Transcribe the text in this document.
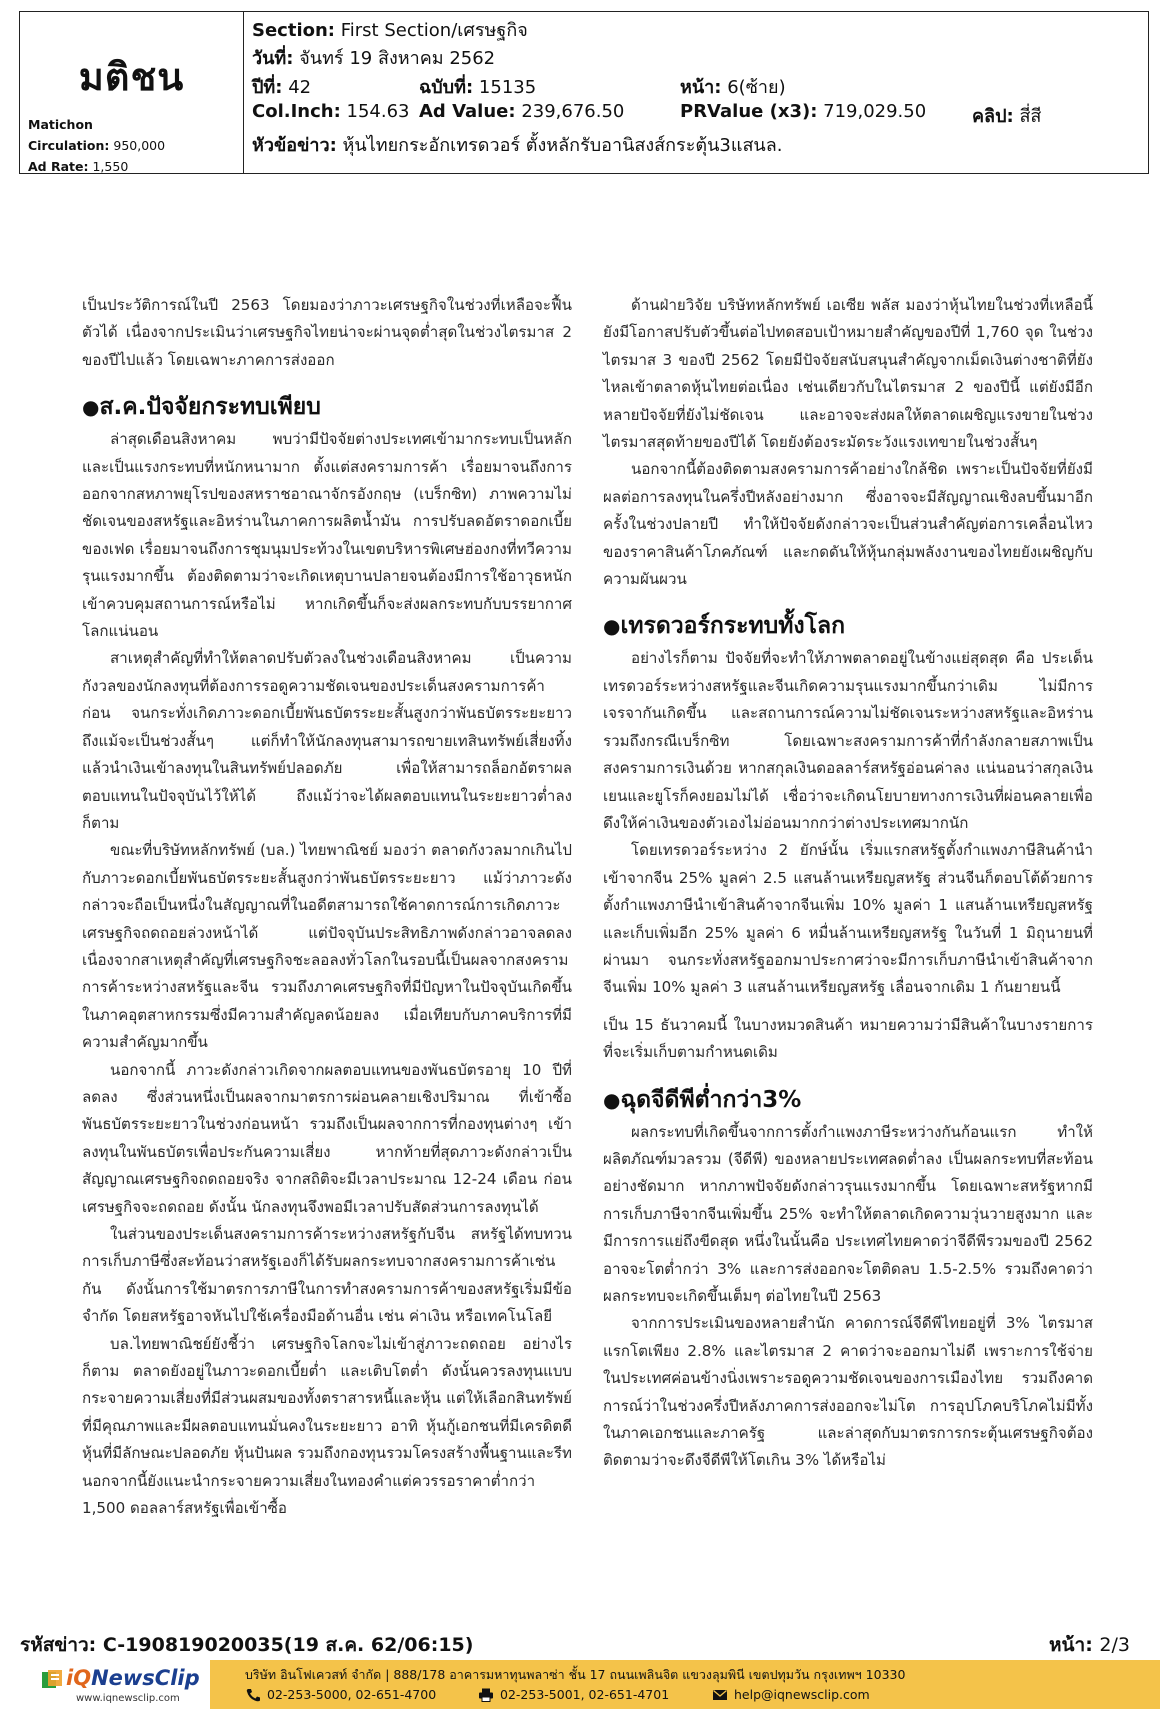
มติชน
Matichon
Circulation: 950,000
Ad Rate: 1,550
Section: First Section/เศรษฐกิจ
วันที่: จันทร์ 19 สิงหาคม 2562
ปีที่: 42	ฉบับที่: 15135	หน้า: 6(ซ้าย)
Col.Inch: 154.63 Ad Value: 239,676.50	PRValue (x3): 719,029.50	คลิป: สี่สี
หัวข้อข่าว: หุ้นไทยกระอักเทรดวอร์ ตั้งหลักรับอานิสงส์กระตุ้น3แสนล.

เป็นประวัติการณ์ในปี 2563 โดยมองว่าภาวะเศรษฐกิจในช่วงที่เหลือจะฟื้นตัวได้ เนื่องจากประเมินว่าเศรษฐกิจไทยน่าจะผ่านจุดต่ำสุดในช่วงไตรมาส 2 ของปีไปแล้ว โดยเฉพาะภาคการส่งออก

●ส.ค.ปัจจัยกระทบเพียบ

ล่าสุดเดือนสิงหาคม พบว่ามีปัจจัยต่างประเทศเข้ามากระทบเป็นหลัก และเป็นแรงกระทบที่หนักหนามาก ตั้งแต่สงครามการค้า เรื่อยมาจนถึงการออกจากสหภาพยุโรปของสหราชอาณาจักรอังกฤษ (เบร็กซิท) ภาพความไม่ชัดเจนของสหรัฐและอิหร่านในภาคการผลิตน้ำมัน การปรับลดอัตราดอกเบี้ยของเฟด เรื่อยมาจนถึงการชุมนุมประท้วงในเขตบริหารพิเศษฮ่องกงที่ทวีความรุนแรงมากขึ้น ต้องติดตามว่าจะเกิดเหตุบานปลายจนต้องมีการใช้อาวุธหนักเข้าควบคุมสถานการณ์หรือไม่ หากเกิดขึ้นก็จะส่งผลกระทบกับบรรยากาศโลกแน่นอน

สาเหตุสำคัญที่ทำให้ตลาดปรับตัวลงในช่วงเดือนสิงหาคม เป็นความกังวลของนักลงทุนที่ต้องการรอดูความชัดเจนของประเด็นสงครามการค้าก่อน จนกระทั่งเกิดภาวะดอกเบี้ยพันธบัตรระยะสั้นสูงกว่าพันธบัตรระยะยาว ถึงแม้จะเป็นช่วงสั้นๆ แต่ก็ทำให้นักลงทุนสามารถขายเทสินทรัพย์เสี่ยงทิ้ง แล้วนำเงินเข้าลงทุนในสินทรัพย์ปลอดภัย เพื่อให้สามารถล็อกอัตราผลตอบแทนในปัจจุบันไว้ให้ได้ ถึงแม้ว่าจะได้ผลตอบแทนในระยะยาวต่ำลงก็ตาม

ขณะที่บริษัทหลักทรัพย์ (บล.) ไทยพาณิชย์ มองว่า ตลาดกังวลมากเกินไปกับภาวะดอกเบี้ยพันธบัตรระยะสั้นสูงกว่าพันธบัตรระยะยาว แม้ว่าภาวะดังกล่าวจะถือเป็นหนึ่งในสัญญาณที่ในอดีตสามารถใช้คาดการณ์การเกิดภาวะเศรษฐกิจถดถอยล่วงหน้าได้ แต่ปัจจุบันประสิทธิภาพดังกล่าวอาจลดลง เนื่องจากสาเหตุสำคัญที่เศรษฐกิจชะลอลงทั่วโลกในรอบนี้เป็นผลจากสงครามการค้าระหว่างสหรัฐและจีน รวมถึงภาคเศรษฐกิจที่มีปัญหาในปัจจุบันเกิดขึ้นในภาคอุตสาหกรรมซึ่งมีความสำคัญลดน้อยลง เมื่อเทียบกับภาคบริการที่มีความสำคัญมากขึ้น

นอกจากนี้ ภาวะดังกล่าวเกิดจากผลตอบแทนของพันธบัตรอายุ 10 ปีที่ลดลง ซึ่งส่วนหนึ่งเป็นผลจากมาตรการผ่อนคลายเชิงปริมาณ ที่เข้าซื้อพันธบัตรระยะยาวในช่วงก่อนหน้า รวมถึงเป็นผลจากการที่กองทุนต่างๆ เข้าลงทุนในพันธบัตรเพื่อประกันความเสี่ยง หากท้ายที่สุดภาวะดังกล่าวเป็นสัญญาณเศรษฐกิจถดถอยจริง จากสถิติจะมีเวลาประมาณ 12-24 เดือน ก่อนเศรษฐกิจจะถดถอย ดังนั้น นักลงทุนจึงพอมีเวลาปรับสัดส่วนการลงทุนได้

ในส่วนของประเด็นสงครามการค้าระหว่างสหรัฐกับจีน สหรัฐได้ทบทวนการเก็บภาษีซึ่งสะท้อนว่าสหรัฐเองก็ได้รับผลกระทบจากสงครามการค้าเช่นกัน ดังนั้นการใช้มาตรการภาษีในการทำสงครามการค้าของสหรัฐเริ่มมีข้อจำกัด โดยสหรัฐอาจหันไปใช้เครื่องมือด้านอื่น เช่น ค่าเงิน หรือเทคโนโลยี

บล.ไทยพาณิชย์ยังชี้ว่า เศรษฐกิจโลกจะไม่เข้าสู่ภาวะถดถอย อย่างไรก็ตาม ตลาดยังอยู่ในภาวะดอกเบี้ยต่ำ และเติบโตต่ำ ดังนั้นควรลงทุนแบบกระจายความเสี่ยงที่มีส่วนผสมของทั้งตราสารหนี้และหุ้น แต่ให้เลือกสินทรัพย์ที่มีคุณภาพและมีผลตอบแทนมั่นคงในระยะยาว อาทิ หุ้นกู้เอกชนที่มีเครดิตดี หุ้นที่มีลักษณะปลอดภัย หุ้นปันผล รวมถึงกองทุนรวมโครงสร้างพื้นฐานและรีท นอกจากนี้ยังแนะนำกระจายความเสี่ยงในทองคำแต่ควรรอราคาต่ำกว่า 1,500 ดอลลาร์สหรัฐเพื่อเข้าซื้อ

ด้านฝ่ายวิจัย บริษัทหลักทรัพย์ เอเซีย พลัส มองว่าหุ้นไทยในช่วงที่เหลือนี้ยังมีโอกาสปรับตัวขึ้นต่อไปทดสอบเป้าหมายสำคัญของปีที่ 1,760 จุด ในช่วงไตรมาส 3 ของปี 2562 โดยมีปัจจัยสนับสนุนสำคัญจากเม็ดเงินต่างชาติที่ยังไหลเข้าตลาดหุ้นไทยต่อเนื่อง เช่นเดียวกับในไตรมาส 2 ของปีนี้ แต่ยังมีอีกหลายปัจจัยที่ยังไม่ชัดเจน และอาจจะส่งผลให้ตลาดเผชิญแรงขายในช่วงไตรมาสสุดท้ายของปีได้ โดยยังต้องระมัดระวังแรงเทขายในช่วงสั้นๆ

นอกจากนี้ต้องติดตามสงครามการค้าอย่างใกล้ชิด เพราะเป็นปัจจัยที่ยังมีผลต่อการลงทุนในครึ่งปีหลังอย่างมาก ซึ่งอาจจะมีสัญญาณเชิงลบขึ้นมาอีกครั้งในช่วงปลายปี ทำให้ปัจจัยดังกล่าวจะเป็นส่วนสำคัญต่อการเคลื่อนไหวของราคาสินค้าโภคภัณฑ์ และกดดันให้หุ้นกลุ่มพลังงานของไทยยังเผชิญกับความผันผวน

●เทรดวอร์กระทบทั้งโลก

อย่างไรก็ตาม ปัจจัยที่จะทำให้ภาพตลาดอยู่ในข้างแย่สุดสุด คือ ประเด็นเทรดวอร์ระหว่างสหรัฐและจีนเกิดความรุนแรงมากขึ้นกว่าเดิม ไม่มีการเจรจากันเกิดขึ้น และสถานการณ์ความไม่ชัดเจนระหว่างสหรัฐและอิหร่าน รวมถึงกรณีเบร็กซิท โดยเฉพาะสงครามการค้าที่กำลังกลายสภาพเป็นสงครามการเงินด้วย หากสกุลเงินดอลลาร์สหรัฐอ่อนค่าลง แน่นอนว่าสกุลเงินเยนและยูโรก็คงยอมไม่ได้ เชื่อว่าจะเกิดนโยบายทางการเงินที่ผ่อนคลายเพื่อดึงให้ค่าเงินของตัวเองไม่อ่อนมากกว่าต่างประเทศมากนัก

โดยเทรดวอร์ระหว่าง 2 ยักษ์นั้น เริ่มแรกสหรัฐตั้งกำแพงภาษีสินค้านำเข้าจากจีน 25% มูลค่า 2.5 แสนล้านเหรียญสหรัฐ ส่วนจีนก็ตอบโต้ด้วยการตั้งกำแพงภาษีนำเข้าสินค้าจากจีนเพิ่ม 10% มูลค่า 1 แสนล้านเหรียญสหรัฐ และเก็บเพิ่มอีก 25% มูลค่า 6 หมื่นล้านเหรียญสหรัฐ ในวันที่ 1 มิถุนายนที่ผ่านมา จนกระทั่งสหรัฐออกมาประกาศว่าจะมีการเก็บภาษีนำเข้าสินค้าจากจีนเพิ่ม 10% มูลค่า 3 แสนล้านเหรียญสหรัฐ เลื่อนจากเดิม 1 กันยายนนี้

เป็น 15 ธันวาคมนี้ ในบางหมวดสินค้า หมายความว่ามีสินค้าในบางรายการที่จะเริ่มเก็บตามกำหนดเดิม

●ฉุดจีดีพีต่ำกว่า3%

ผลกระทบที่เกิดขึ้นจากการตั้งกำแพงภาษีระหว่างกันก้อนแรก ทำให้ผลิตภัณฑ์มวลรวม (จีดีพี) ของหลายประเทศลดต่ำลง เป็นผลกระทบที่สะท้อนอย่างชัดมาก หากภาพปัจจัยดังกล่าวรุนแรงมากขึ้น โดยเฉพาะสหรัฐหากมีการเก็บภาษีจากจีนเพิ่มขึ้น 25% จะทำให้ตลาดเกิดความวุ่นวายสูงมาก และมีการการแย่ถึงขีดสุด หนึ่งในนั้นคือ ประเทศไทยคาดว่าจีดีพีรวมของปี 2562 อาจจะโตต่ำกว่า 3% และการส่งออกจะโตติดลบ 1.5-2.5% รวมถึงคาดว่าผลกระทบจะเกิดขึ้นเต็มๆ ต่อไทยในปี 2563

จากการประเมินของหลายสำนัก คาดการณ์จีดีพีไทยอยู่ที่ 3% ไตรมาสแรกโตเพียง 2.8% และไตรมาส 2 คาดว่าจะออกมาไม่ดี เพราะการใช้จ่ายในประเทศค่อนข้างนิ่งเพราะรอดูความชัดเจนของการเมืองไทย รวมถึงคาดการณ์ว่าในช่วงครึ่งปีหลังภาคการส่งออกจะไม่โต การอุปโภคบริโภคไม่มีทั้งในภาคเอกชนและภาครัฐ และล่าสุดกับมาตรการกระตุ้นเศรษฐกิจต้องติดตามว่าจะดึงจีดีพีให้โตเกิน 3% ได้หรือไม่

รหัสข่าว: C-190819020035(19 ส.ค. 62/06:15)	หน้า: 2/3
iQNewsClip
www.iqnewsclip.com
บริษัท อินโฟเควสท์ จำกัด | 888/178 อาคารมหาทุนพลาซ่า ชั้น 17 ถนนเพลินจิต แขวงลุมพินี เขตปทุมวัน กรุงเทพฯ 10330
02-253-5000, 02-651-4700	02-253-5001, 02-651-4701	help@iqnewsclip.com
